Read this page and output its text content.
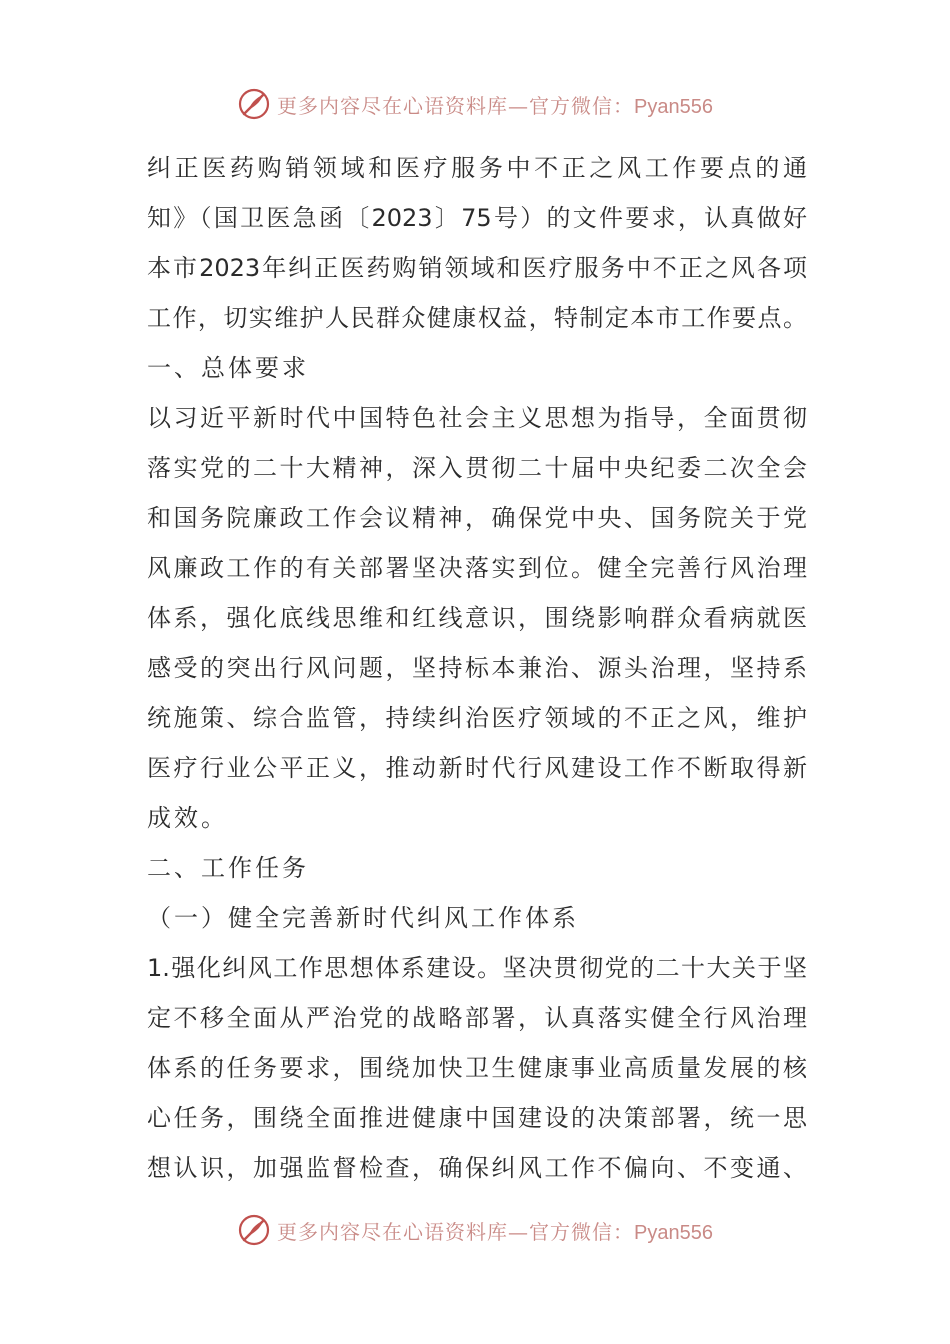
更多内容尽在心语资料库—官方微信：Pyan556
纠正医药购销领域和医疗服务中不正之风工作要点的通
知》（国卫医急函〔2023〕75号）的文件要求，认真做好
本市2023年纠正医药购销领域和医疗服务中不正之风各项
工作，切实维护人民群众健康权益，特制定本市工作要点。
一、总体要求
以习近平新时代中国特色社会主义思想为指导，全面贯彻
落实党的二十大精神，深入贯彻二十届中央纪委二次全会
和国务院廉政工作会议精神，确保党中央、国务院关于党
风廉政工作的有关部署坚决落实到位。健全完善行风治理
体系，强化底线思维和红线意识，围绕影响群众看病就医
感受的突出行风问题，坚持标本兼治、源头治理，坚持系
统施策、综合监管，持续纠治医疗领域的不正之风，维护
医疗行业公平正义，推动新时代行风建设工作不断取得新
成效。
二、工作任务
（一）健全完善新时代纠风工作体系
1.强化纠风工作思想体系建设。坚决贯彻党的二十大关于坚
定不移全面从严治党的战略部署，认真落实健全行风治理
体系的任务要求，围绕加快卫生健康事业高质量发展的核
心任务，围绕全面推进健康中国建设的决策部署，统一思
想认识，加强监督检查，确保纠风工作不偏向、不变通、
更多内容尽在心语资料库—官方微信：Pyan556
